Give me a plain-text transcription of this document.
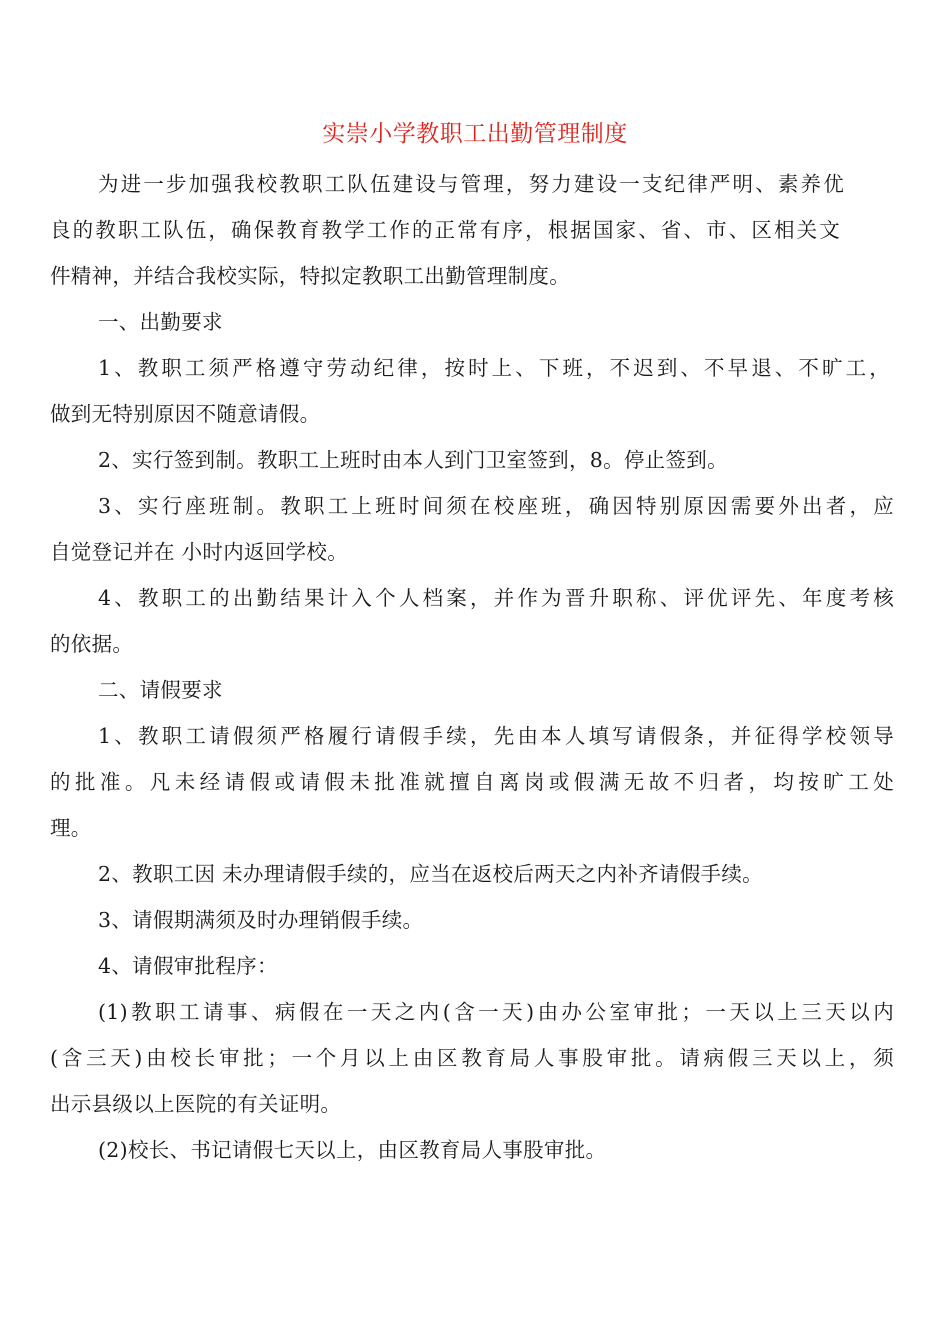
实崇小学教职工出勤管理制度
为进一步加强我校教职工队伍建设与管理，努力建设一支纪律严明、素养优
良的教职工队伍，确保教育教学工作的正常有序，根据国家、省、市、区相关文
件精神，并结合我校实际，特拟定教职工出勤管理制度。
一、出勤要求
1、教职工须严格遵守劳动纪律，按时上、下班，不迟到、不早退、不旷工，
做到无特别原因不随意请假。
2、实行签到制。教职工上班时由本人到门卫室签到，8。停止签到。
3、实行座班制。教职工上班时间须在校座班，确因特别原因需要外出者，应
自觉登记并在 小时内返回学校。
4、教职工的出勤结果计入个人档案，并作为晋升职称、评优评先、年度考核
的依据。
二、请假要求
1、教职工请假须严格履行请假手续，先由本人填写请假条，并征得学校领导
的批准。凡未经请假或请假未批准就擅自离岗或假满无故不归者，均按旷工处
理。
2、教职工因 未办理请假手续的，应当在返校后两天之内补齐请假手续。
3、请假期满须及时办理销假手续。
4、请假审批程序：
(1)教职工请事、病假在一天之内(含一天)由办公室审批；一天以上三天以内
(含三天)由校长审批；一个月以上由区教育局人事股审批。请病假三天以上，须
出示县级以上医院的有关证明。
(2)校长、书记请假七天以上，由区教育局人事股审批。
